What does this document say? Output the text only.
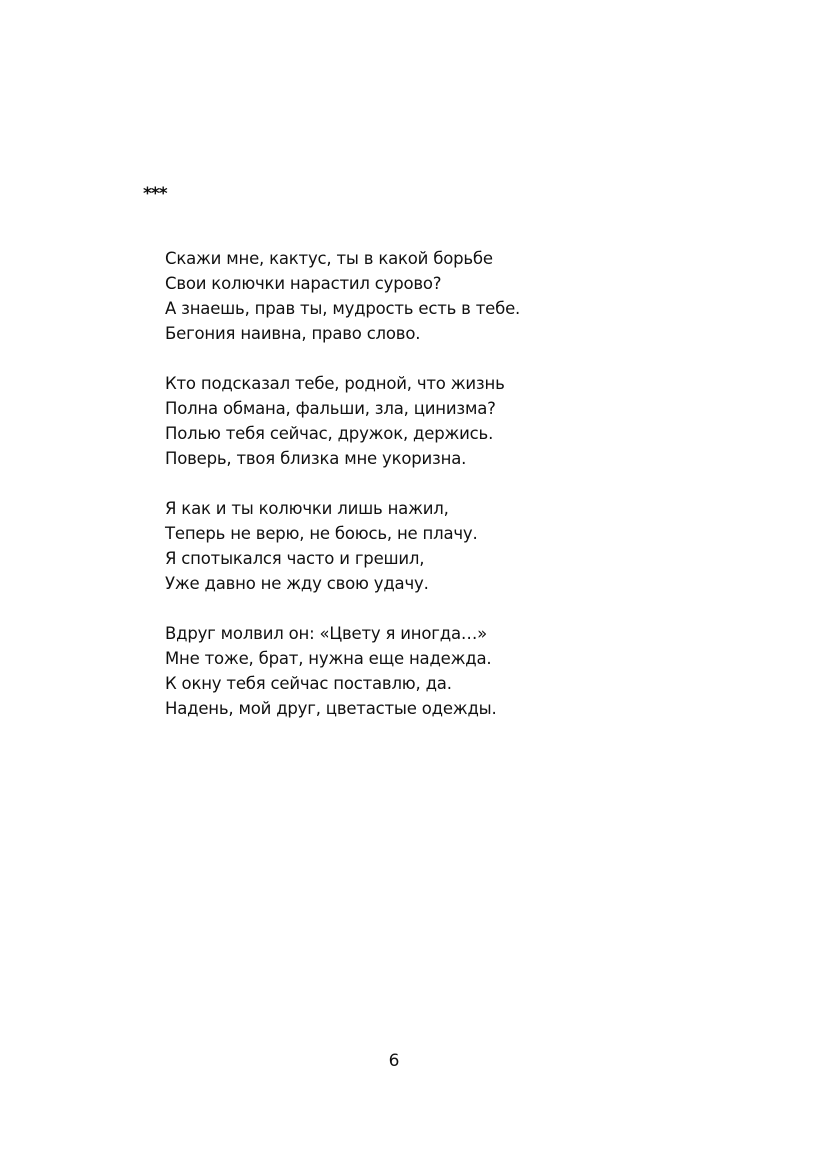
***
Скажи мне, кактус, ты в какой борьбе
Свои колючки нарастил сурово?
А знаешь, прав ты, мудрость есть в тебе.
Бегония наивна, право слово.
Кто подсказал тебе, родной, что жизнь
Полна обмана, фальши, зла, цинизма?
Полью тебя сейчас, дружок, держись.
Поверь, твоя близка мне укоризна.
Я как и ты колючки лишь нажил,
Теперь не верю, не боюсь, не плачу.
Я спотыкался часто и грешил,
Уже давно не жду свою удачу.
Вдруг молвил он: «Цвету я иногда…»
Мне тоже, брат, нужна еще надежда.
К окну тебя сейчас поставлю, да.
Надень, мой друг, цветастые одежды.
6
